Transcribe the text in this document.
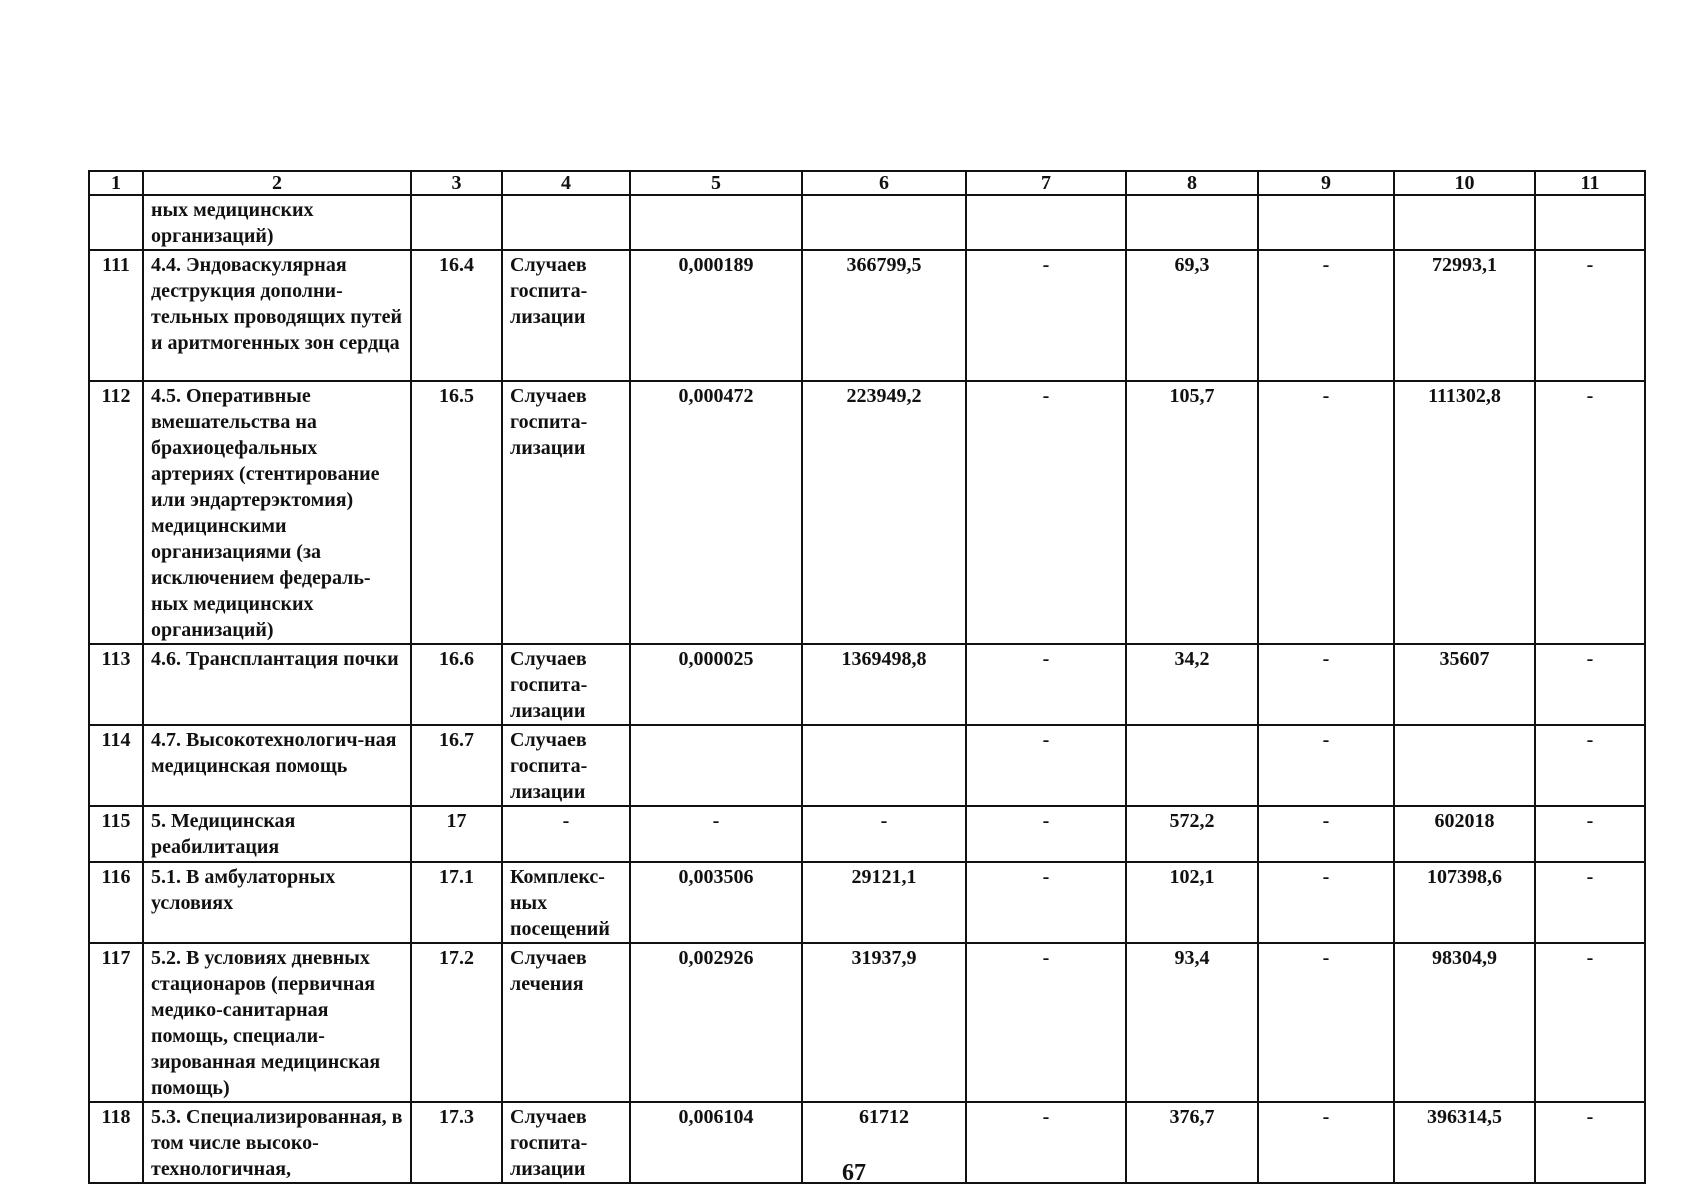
1	2	3	4	5	6	7	8	9	10	11
	ных медицинских организаций)									
111	4.4. Эндоваскулярная деструкция дополни-тельных проводящих путей и аритмогенных зон сердца	16.4	Случаев госпита-лизации	0,000189	366799,5	-	69,3	-	72993,1	-
112	4.5. Оперативные вмешательства на брахиоцефальных артериях (стентирование или эндартерэктомия) медицинскими организациями (за исключением федераль-ных медицинских организаций)	16.5	Случаев госпита-лизации	0,000472	223949,2	-	105,7	-	111302,8	-
113	4.6. Трансплантация почки	16.6	Случаев госпита-лизации	0,000025	1369498,8	-	34,2	-	35607	-
114	4.7. Высокотехнологич-ная медицинская помощь	16.7	Случаев госпита-лизации			-		-		-
115	5. Медицинская реабилитация	17	-	-	-	-	572,2	-	602018	-
116	5.1. В амбулаторных условиях	17.1	Комплекс-ных посещений	0,003506	29121,1	-	102,1	-	107398,6	-
117	5.2. В условиях дневных стационаров (первичная медико-санитарная помощь, специали-зированная медицинская помощь)	17.2	Случаев лечения	0,002926	31937,9	-	93,4	-	98304,9	-
118	5.3. Специализированная, в том числе высоко-технологичная,	17.3	Случаев госпита-лизации	0,006104	61712	-	376,7	-	396314,5	-
67
